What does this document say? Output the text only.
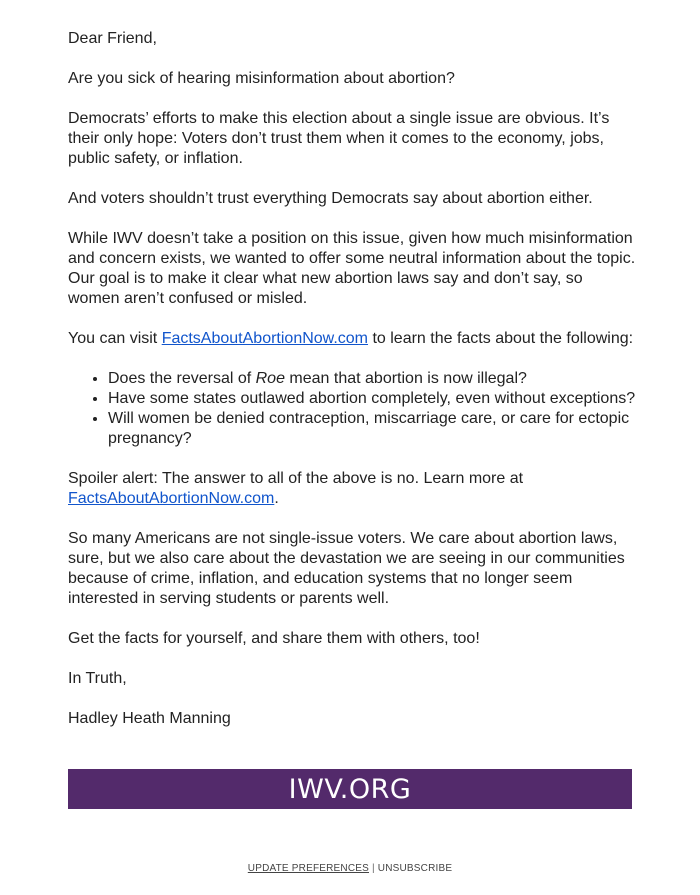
Dear Friend,

Are you sick of hearing misinformation about abortion?

Democrats’ efforts to make this election about a single issue are obvious. It’s their only hope: Voters don’t trust them when it comes to the economy, jobs, public safety, or inflation.

And voters shouldn’t trust everything Democrats say about abortion either.

While IWV doesn’t take a position on this issue, given how much misinformation and concern exists, we wanted to offer some neutral information about the topic. Our goal is to make it clear what new abortion laws say and don’t say, so women aren’t confused or misled.

You can visit FactsAboutAbortionNow.com to learn the facts about the following:

• Does the reversal of Roe mean that abortion is now illegal?
• Have some states outlawed abortion completely, even without exceptions?
• Will women be denied contraception, miscarriage care, or care for ectopic pregnancy?

Spoiler alert: The answer to all of the above is no. Learn more at FactsAboutAbortionNow.com.

So many Americans are not single-issue voters. We care about abortion laws, sure, but we also care about the devastation we are seeing in our communities because of crime, inflation, and education systems that no longer seem interested in serving students or parents well.

Get the facts for yourself, and share them with others, too!

In Truth,

Hadley Heath Manning

IWV.ORG
UPDATE PREFERENCES | UNSUBSCRIBE
